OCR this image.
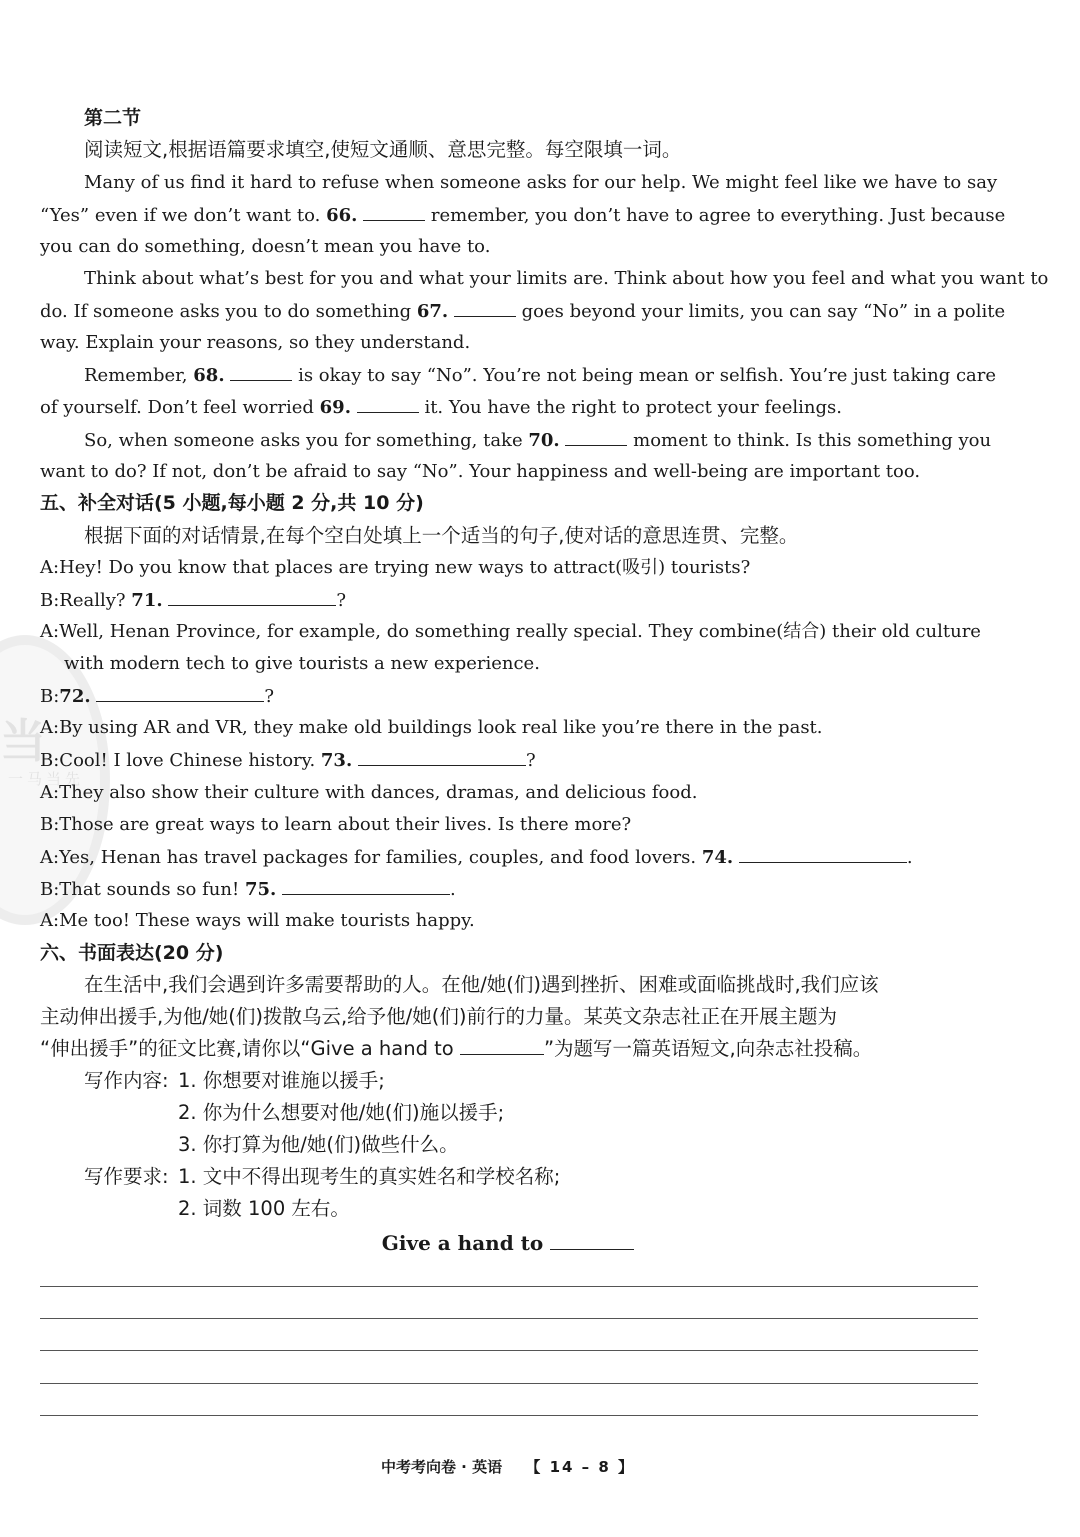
当
一马当先
第二节
阅读短文,根据语篇要求填空,使短文通顺、意思完整。每空限填一词。
Many of us find it hard to refuse when someone asks for our help. We might feel like we have to say
“Yes” even if we don’t want to. 66.	remember, you don’t have to agree to everything. Just because
you can do something, doesn’t mean you have to.
Think about what’s best for you and what your limits are. Think about how you feel and what you want to
do. If someone asks you to do something 67.	goes beyond your limits, you can say “No” in a polite
way. Explain your reasons, so they understand.
Remember, 68.	is okay to say “No”. You’re not being mean or selfish. You’re just taking care
of yourself. Don’t feel worried 69.	it. You have the right to protect your feelings.
So, when someone asks you for something, take 70.	moment to think. Is this something you
want to do? If not, don’t be afraid to say “No”. Your happiness and well-being are important too.
五、补全对话(5 小题,每小题 2 分,共 10 分)
根据下面的对话情景,在每个空白处填上一个适当的句子,使对话的意思连贯、完整。
A:Hey! Do you know that places are trying new ways to attract(吸引) tourists?
B:Really? 71.	?
A:Well, Henan Province, for example, do something really special. They combine(结合) their old culture
with modern tech to give tourists a new experience.
B:72.	?
A:By using AR and VR, they make old buildings look real like you’re there in the past.
B:Cool! I love Chinese history. 73.	?
A:They also show their culture with dances, dramas, and delicious food.
B:Those are great ways to learn about their lives. Is there more?
A:Yes, Henan has travel packages for families, couples, and food lovers. 74.	.
B:That sounds so fun! 75.	.
A:Me too! These ways will make tourists happy.
六、书面表达(20 分)
在生活中,我们会遇到许多需要帮助的人。在他/她(们)遇到挫折、困难或面临挑战时,我们应该
主动伸出援手,为他/她(们)拨散乌云,给予他/她(们)前行的力量。某英文杂志社正在开展主题为
“伸出援手”的征文比赛,请你以“Give a hand to	”为题写一篇英语短文,向杂志社投稿。
写作内容: 1. 你想要对谁施以援手;
2. 你为什么想要对他/她(们)施以援手;
3. 你打算为他/她(们)做些什么。
写作要求: 1. 文中不得出现考生的真实姓名和学校名称;
2. 词数 100 左右。
Give a hand to
中考考向卷 · 英语 【 14 – 8 】
